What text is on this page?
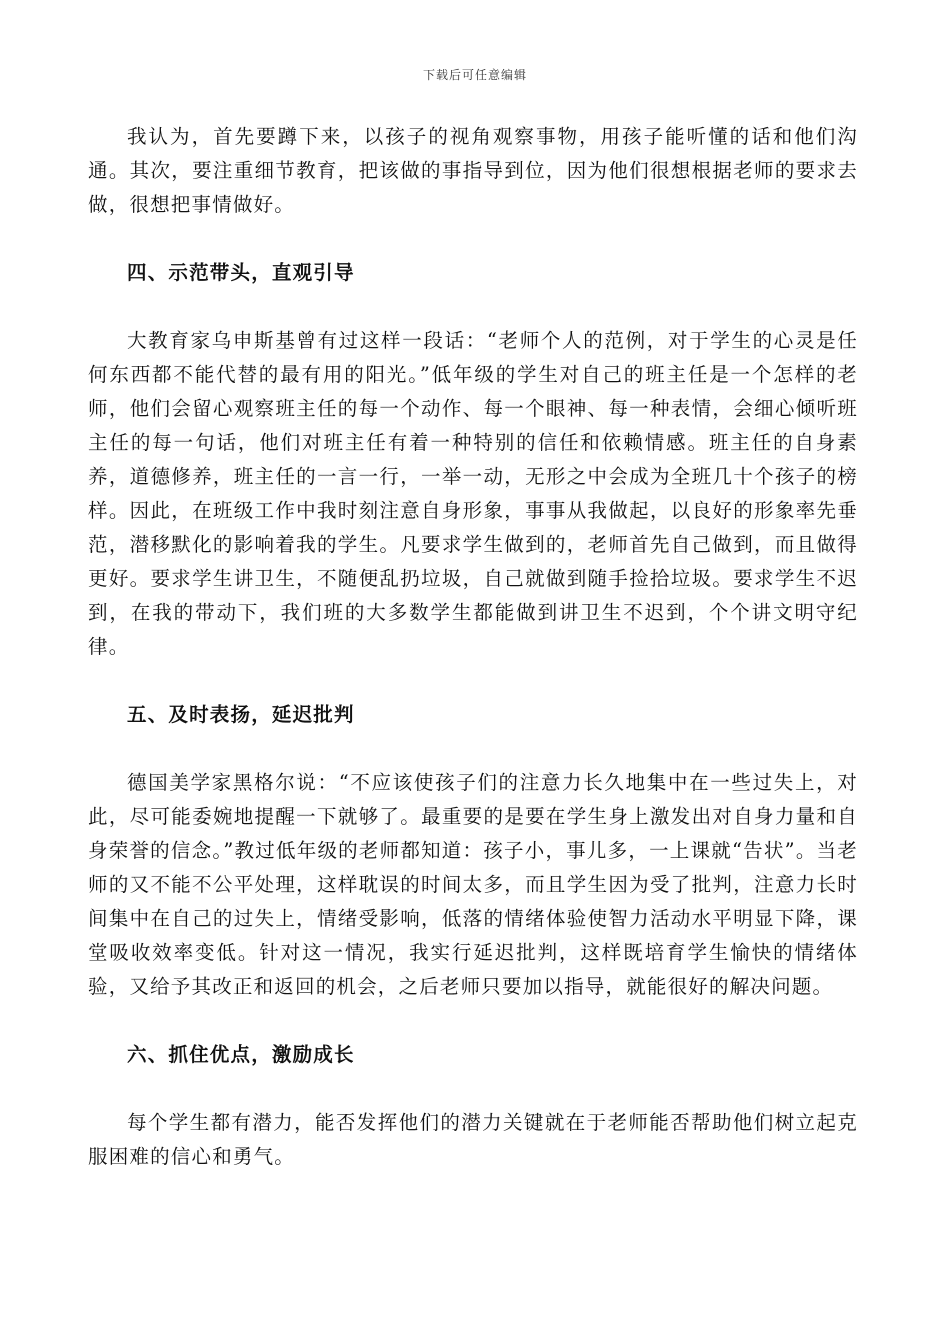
下载后可任意编辑

我认为，首先要蹲下来，以孩子的视角观察事物，用孩子能听懂的话和他们沟通。其次，要注重细节教育，把该做的事指导到位，因为他们很想根据老师的要求去做，很想把事情做好。

四、示范带头，直观引导

大教育家乌申斯基曾有过这样一段话：“老师个人的范例，对于学生的心灵是任何东西都不能代替的最有用的阳光。”低年级的学生对自己的班主任是一个怎样的老师，他们会留心观察班主任的每一个动作、每一个眼神、每一种表情，会细心倾听班主任的每一句话，他们对班主任有着一种特别的信任和依赖情感。班主任的自身素养，道德修养，班主任的一言一行，一举一动，无形之中会成为全班几十个孩子的榜样。因此，在班级工作中我时刻注意自身形象，事事从我做起，以良好的形象率先垂范，潜移默化的影响着我的学生。凡要求学生做到的，老师首先自己做到，而且做得更好。要求学生讲卫生，不随便乱扔垃圾，自己就做到随手捡拾垃圾。要求学生不迟到，在我的带动下，我们班的大多数学生都能做到讲卫生不迟到，个个讲文明守纪律。

五、及时表扬，延迟批判

德国美学家黑格尔说：“不应该使孩子们的注意力长久地集中在一些过失上，对此，尽可能委婉地提醒一下就够了。最重要的是要在学生身上激发出对自身力量和自身荣誉的信念。”教过低年级的老师都知道：孩子小，事儿多，一上课就“告状”。当老师的又不能不公平处理，这样耽误的时间太多，而且学生因为受了批判，注意力长时间集中在自己的过失上，情绪受影响，低落的情绪体验使智力活动水平明显下降，课堂吸收效率变低。针对这一情况，我实行延迟批判，这样既培育学生愉快的情绪体验，又给予其改正和返回的机会，之后老师只要加以指导，就能很好的解决问题。

六、抓住优点，激励成长

每个学生都有潜力，能否发挥他们的潜力关键就在于老师能否帮助他们树立起克服困难的信心和勇气。
